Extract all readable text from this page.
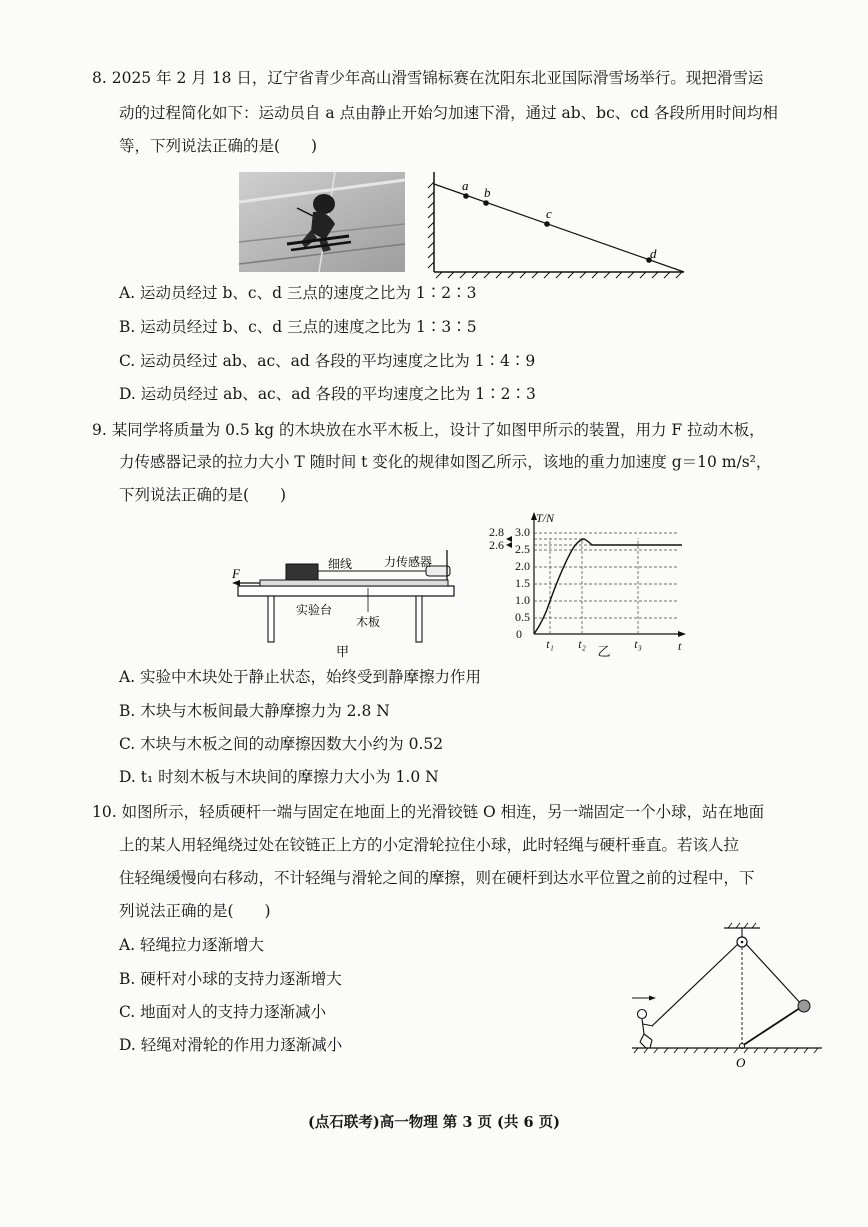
8. 2025 年 2 月 18 日，辽宁省青少年高山滑雪锦标赛在沈阳东北亚国际滑雪场举行。现把滑雪运
动的过程简化如下：运动员自 a 点由静止开始匀加速下滑，通过 ab、bc、cd 各段所用时间均相
等，下列说法正确的是(　　)
a b
c
d
A. 运动员经过 b、c、d 三点的速度之比为 1∶2∶3
B. 运动员经过 b、c、d 三点的速度之比为 1∶3∶5
C. 运动员经过 ab、ac、ad 各段的平均速度之比为 1∶4∶9
D. 运动员经过 ab、ac、ad 各段的平均速度之比为 1∶2∶3
9. 某同学将质量为 0.5 kg 的木块放在水平木板上，设计了如图甲所示的装置，用力 F 拉动木板，
力传感器记录的拉力大小 T 随时间 t 变化的规律如图乙所示，该地的重力加速度 g＝10 m/s²，
下列说法正确的是(　　)
F
细线	力传感器
实验台
木板
甲
T/N
t
0
0.5
1.0
1.5
2.0
2.5
3.0
2.8
2.6
t₁ t₂	t₃
乙
A. 实验中木块处于静止状态，始终受到静摩擦力作用
B. 木块与木板间最大静摩擦力为 2.8 N
C. 木块与木板之间的动摩擦因数大小约为 0.52
D. t₁ 时刻木板与木块间的摩擦力大小为 1.0 N
10. 如图所示，轻质硬杆一端与固定在地面上的光滑铰链 O 相连，另一端固定一个小球，站在地面
上的某人用轻绳绕过处在铰链正上方的小定滑轮拉住小球，此时轻绳与硬杆垂直。若该人拉
住轻绳缓慢向右移动，不计轻绳与滑轮之间的摩擦，则在硬杆到达水平位置之前的过程中，下
列说法正确的是(　　)
A. 轻绳拉力逐渐增大
B. 硬杆对小球的支持力逐渐增大
C. 地面对人的支持力逐渐减小
D. 轻绳对滑轮的作用力逐渐减小
O
(点石联考)高一物理 第 3 页 (共 6 页)
